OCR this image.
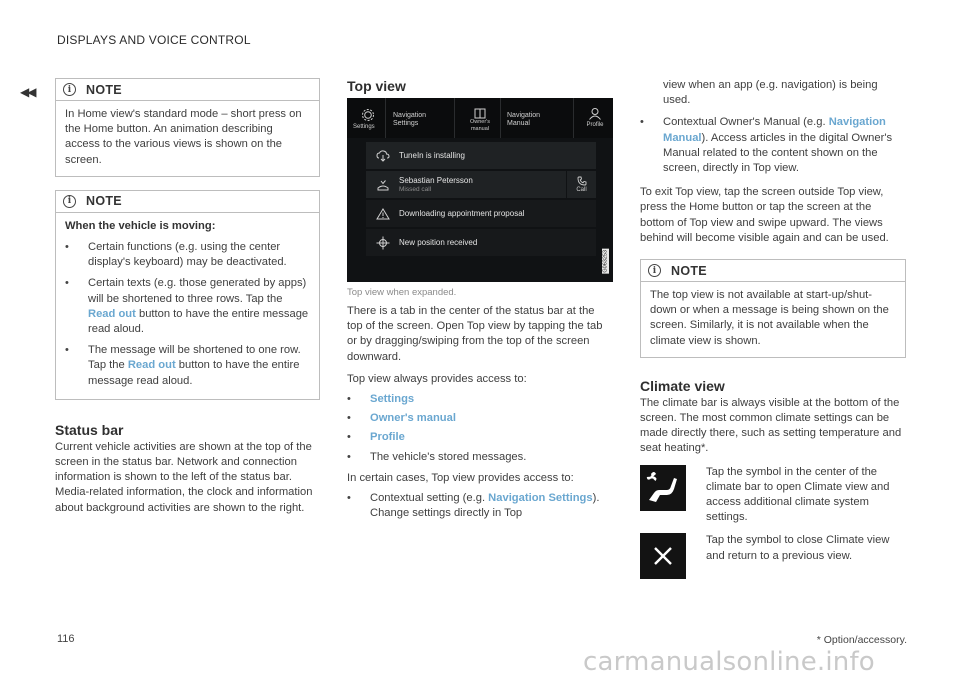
DISPLAYS AND VOICE CONTROL
◀◀	i	NOTE

In Home view's standard mode – short press on the Home button. An animation describing access to the various views is shown on the screen.

i	NOTE

When the vehicle is moving:

• Certain functions (e.g. using the center display's keyboard) may be deactivated.
• Certain texts (e.g. those generated by apps) will be shortened to three rows. Tap the Read out button to have the entire message read aloud.
• The message will be shortened to one row. Tap the Read out button to have the entire message read aloud.
Status bar

Current vehicle activities are shown at the top of the screen in the status bar. Network and connection information is shown to the left of the status bar. Media-related information, the clock and information about background activities are shown to the right.

Top view
Settings
Navigation
Settings	Owner's
manual
Navigation
Manual	Profile
TuneIn is installing
Sebastian Petersson
Missed call	Call
Downloading appointment proposal
New position received
G063253
Top view when expanded.

There is a tab in the center of the status bar at the top of the screen. Open Top view by tapping the tab or by dragging/swiping from the top of the screen downward.

Top view always provides access to:

• Settings
• Owner's manual
• Profile
• The vehicle's stored messages.

In certain cases, Top view provides access to:

• Contextual setting (e.g. Navigation Settings). Change settings directly in Top
• view when an app (e.g. navigation) is being used.
• Contextual Owner's Manual (e.g. Navigation Manual). Access articles in the digital Owner's Manual related to the content shown on the screen, directly in Top view.

To exit Top view, tap the screen outside Top view, press the Home button or tap the screen at the bottom of Top view and swipe upward. The views behind will become visible again and can be used.

i	NOTE

The top view is not available at start-up/shut-down or when a message is being shown on the screen. Similarly, it is not available when the climate view is shown.

Climate view

The climate bar is always visible at the bottom of the screen. The most common climate settings can be made directly there, such as setting temperature and seat heating*.

Tap the symbol in the center of the climate bar to open Climate view and access additional climate system settings.

Tap the symbol to close Climate view and return to a previous view.

116	* Option/accessory.
carmanualsonline.info
